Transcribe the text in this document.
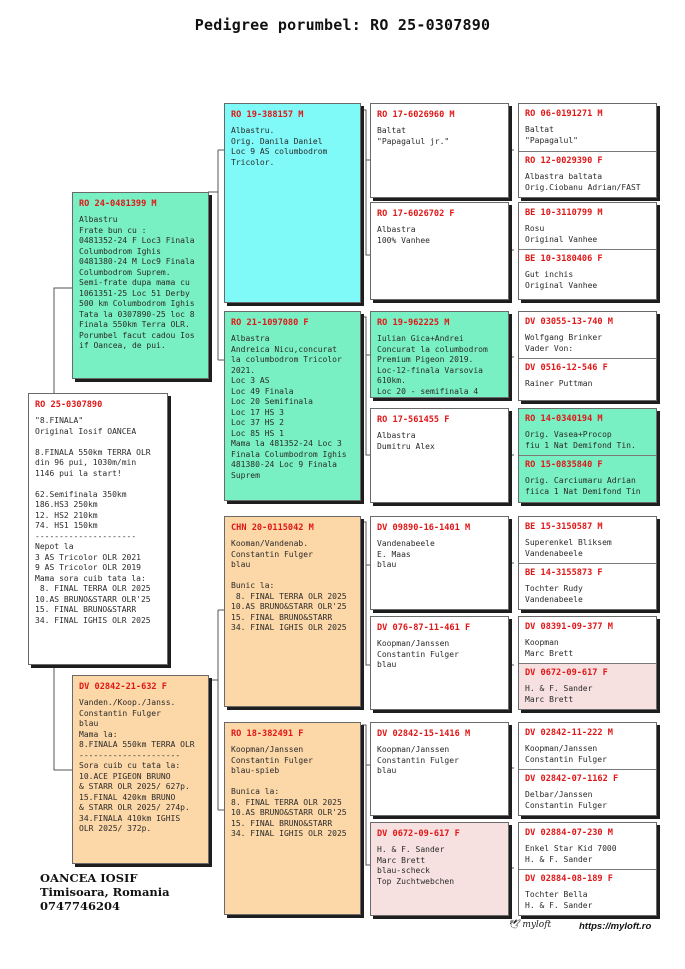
Pedigree porumbel: RO 25-0307890
RO 25-0307890
"8.FINALA"
Original Iosif OANCEA

8.FINALA 550km TERRA OLR
din 96 pui, 1030m/min
1146 pui la start!

62.Semifinala 350km
186.HS3 250km
12. HS2 210km
74. HS1 150km
---------------------
Nepot la
3 AS Tricolor OLR 2021
9 AS Tricolor OLR 2019
Mama sora cuib tata la:
8. FINAL TERRA OLR 2025
10.AS BRUNO&STARR OLR'25
15. FINAL BRUNO&STARR
34. FINAL IGHIS OLR 2025
RO 24-0481399 M
Albastru
Frate bun cu :
0481352-24 F Loc3 Finala
Columbodrom Ighis
0481380-24 M Loc9 Finala
Columbodrom Suprem.
Semi-frate dupa mama cu
1061351-25 Loc 51 Derby
500 km Columbodrom Ighis
Tata la 0307890-25 loc 8
Finala 550km Terra OLR.
Porumbel facut cadou Ios
if Oancea, de pui.
DV 02842-21-632 F
Vanden./Koop./Janss.
Constantin Fulger
blau
Mama la:
8.FINALA 550km TERRA OLR
---------------------
Sora cuib cu tata la:
10.ACE PIGEON BRUNO
& STARR OLR 2025/ 627p.
15.FINAL 420km BRUNO
& STARR OLR 2025/ 274p.
34.FINALA 410km IGHIS
OLR 2025/ 372p.
RO 19-388157 M
Albastru.
Orig. Danila Daniel
Loc 9 AS columbodrom
Tricolor.
RO 21-1097080 F
Albastra
Andreica Nicu,concurat
la columbodrom Tricolor
2021.
Loc 3 AS
Loc 49 Finala
Loc 20 Semifinala
Loc 17 HS 3
Loc 37 HS 2
Loc 85 HS 1
Mama la 481352-24 Loc 3
Finala Columbodrom Ighis
481380-24 Loc 9 Finala
Suprem
CHN 20-0115042 M
Kooman/Vandenab.
Constantin Fulger
blau

Bunic la:
8. FINAL TERRA OLR 2025
10.AS BRUNO&STARR OLR'25
15. FINAL BRUNO&STARR
34. FINAL IGHIS OLR 2025
RO 18-382491 F
Koopman/Janssen
Constantin Fulger
blau-spieb

Bunica la:
8. FINAL TERRA OLR 2025
10.AS BRUNO&STARR OLR'25
15. FINAL BRUNO&STARR
34. FINAL IGHIS OLR 2025
RO 17-6026960 M
Baltat
"Papagalul jr."
RO 17-6026702 F
Albastra
100% Vanhee
RO 19-962225 M
Iulian Gica+Andrei
Concurat la columbodrom
Premium Pigeon 2019.
Loc-12-finala Varsovia
610km.
Loc 20 - semifinala 4
RO 17-561455 F
Albastra
Dumitru Alex
DV 09890-16-1401 M
Vandenabeele
E. Maas
blau
DV 076-87-11-461 F
Koopman/Janssen
Constantin Fulger
blau
DV 02842-15-1416 M
Koopman/Janssen
Constantin Fulger
blau
DV 0672-09-617 F
H. & F. Sander
Marc Brett
blau-scheck
Top Zuchtwebchen
RO 06-0191271 M
Baltat
"Papagalul"
RO 12-0029390 F
Albastra baltata
Orig.Ciobanu Adrian/FAST
BE 10-3110799 M
Rosu
Original Vanhee
BE 10-3180406 F
Gut inchis
Original Vanhee
DV 03055-13-740 M
Wolfgang Brinker
Vader Von:
DV 0516-12-546 F
Rainer Puttman
RO 14-0340194 M
Orig. Vasea+Procop
fiu 1 Nat Demifond Tin.
RO 15-0835840 F
Orig. Carciumaru Adrian
fiica 1 Nat Demifond Tin
BE 15-3150587 M
Superenkel Bliksem
Vandenabeele
BE 14-3155873 F
Tochter Rudy
Vandenabeele
DV 08391-09-377 M
Koopman
Marc Brett
DV 0672-09-617 F
H. & F. Sander
Marc Brett
DV 02842-11-222 M
Koopman/Janssen
Constantin Fulger
DV 02842-07-1162 F
Delbar/Janssen
Constantin Fulger
DV 02884-07-230 M
Enkel Star Kid 7000
H. & F. Sander
DV 02884-08-189 F
Tochter Bella
H. & F. Sander
OANCEA IOSIF
Timisoara, Romania
0747746204
🕊 myloft	https://myloft.ro
